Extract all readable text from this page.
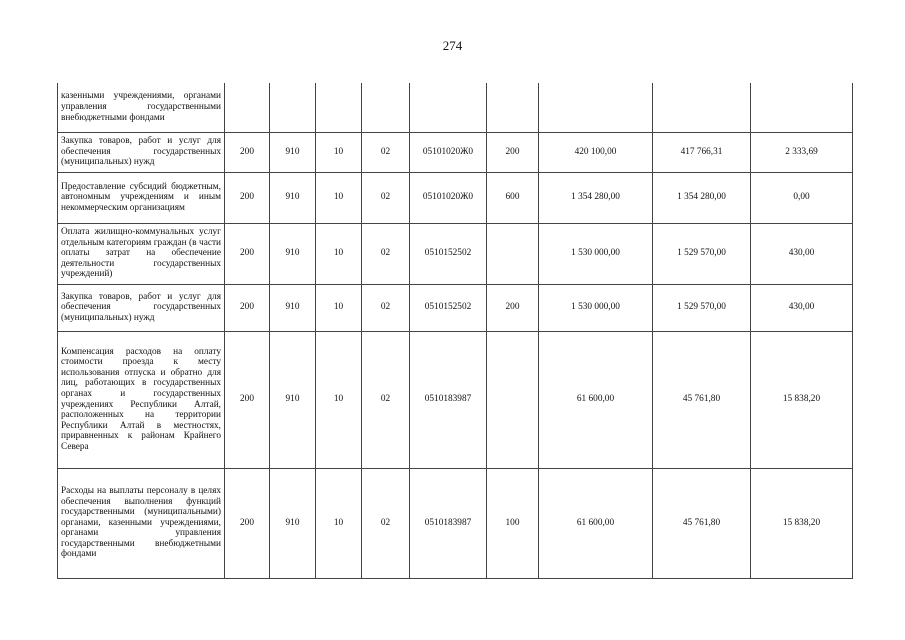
274
казенными учреждениями, органами управления государственными внебюджетными фондами									
Закупка товаров, работ и услуг для обеспечения государственных (муниципальных) нужд	200	910	10	02	05101020Ж0	200	420 100,00	417 766,31	2 333,69
Предоставление субсидий бюджетным, автономным учреждениям и иным некоммерческим организациям	200	910	10	02	05101020Ж0	600	1 354 280,00	1 354 280,00	0,00
Оплата жилищно-коммунальных услуг отдельным категориям граждан (в части оплаты затрат на обеспечение деятельности государственных учреждений)	200	910	10	02	0510152502		1 530 000,00	1 529 570,00	430,00
Закупка товаров, работ и услуг для обеспечения государственных (муниципальных) нужд	200	910	10	02	0510152502	200	1 530 000,00	1 529 570,00	430,00
Компенсация расходов на оплату стоимости проезда к месту использования отпуска и обратно для лиц, работающих в государственных органах и государственных учреждениях Республики Алтай, расположенных на территории Республики Алтай в местностях, приравненных к районам Крайнего Севера	200	910	10	02	0510183987		61 600,00	45 761,80	15 838,20
Расходы на выплаты персоналу в целях обеспечения выполнения функций государственными (муниципальными) органами, казенными учреждениями, органами управления государственными внебюджетными фондами	200	910	10	02	0510183987	100	61 600,00	45 761,80	15 838,20
